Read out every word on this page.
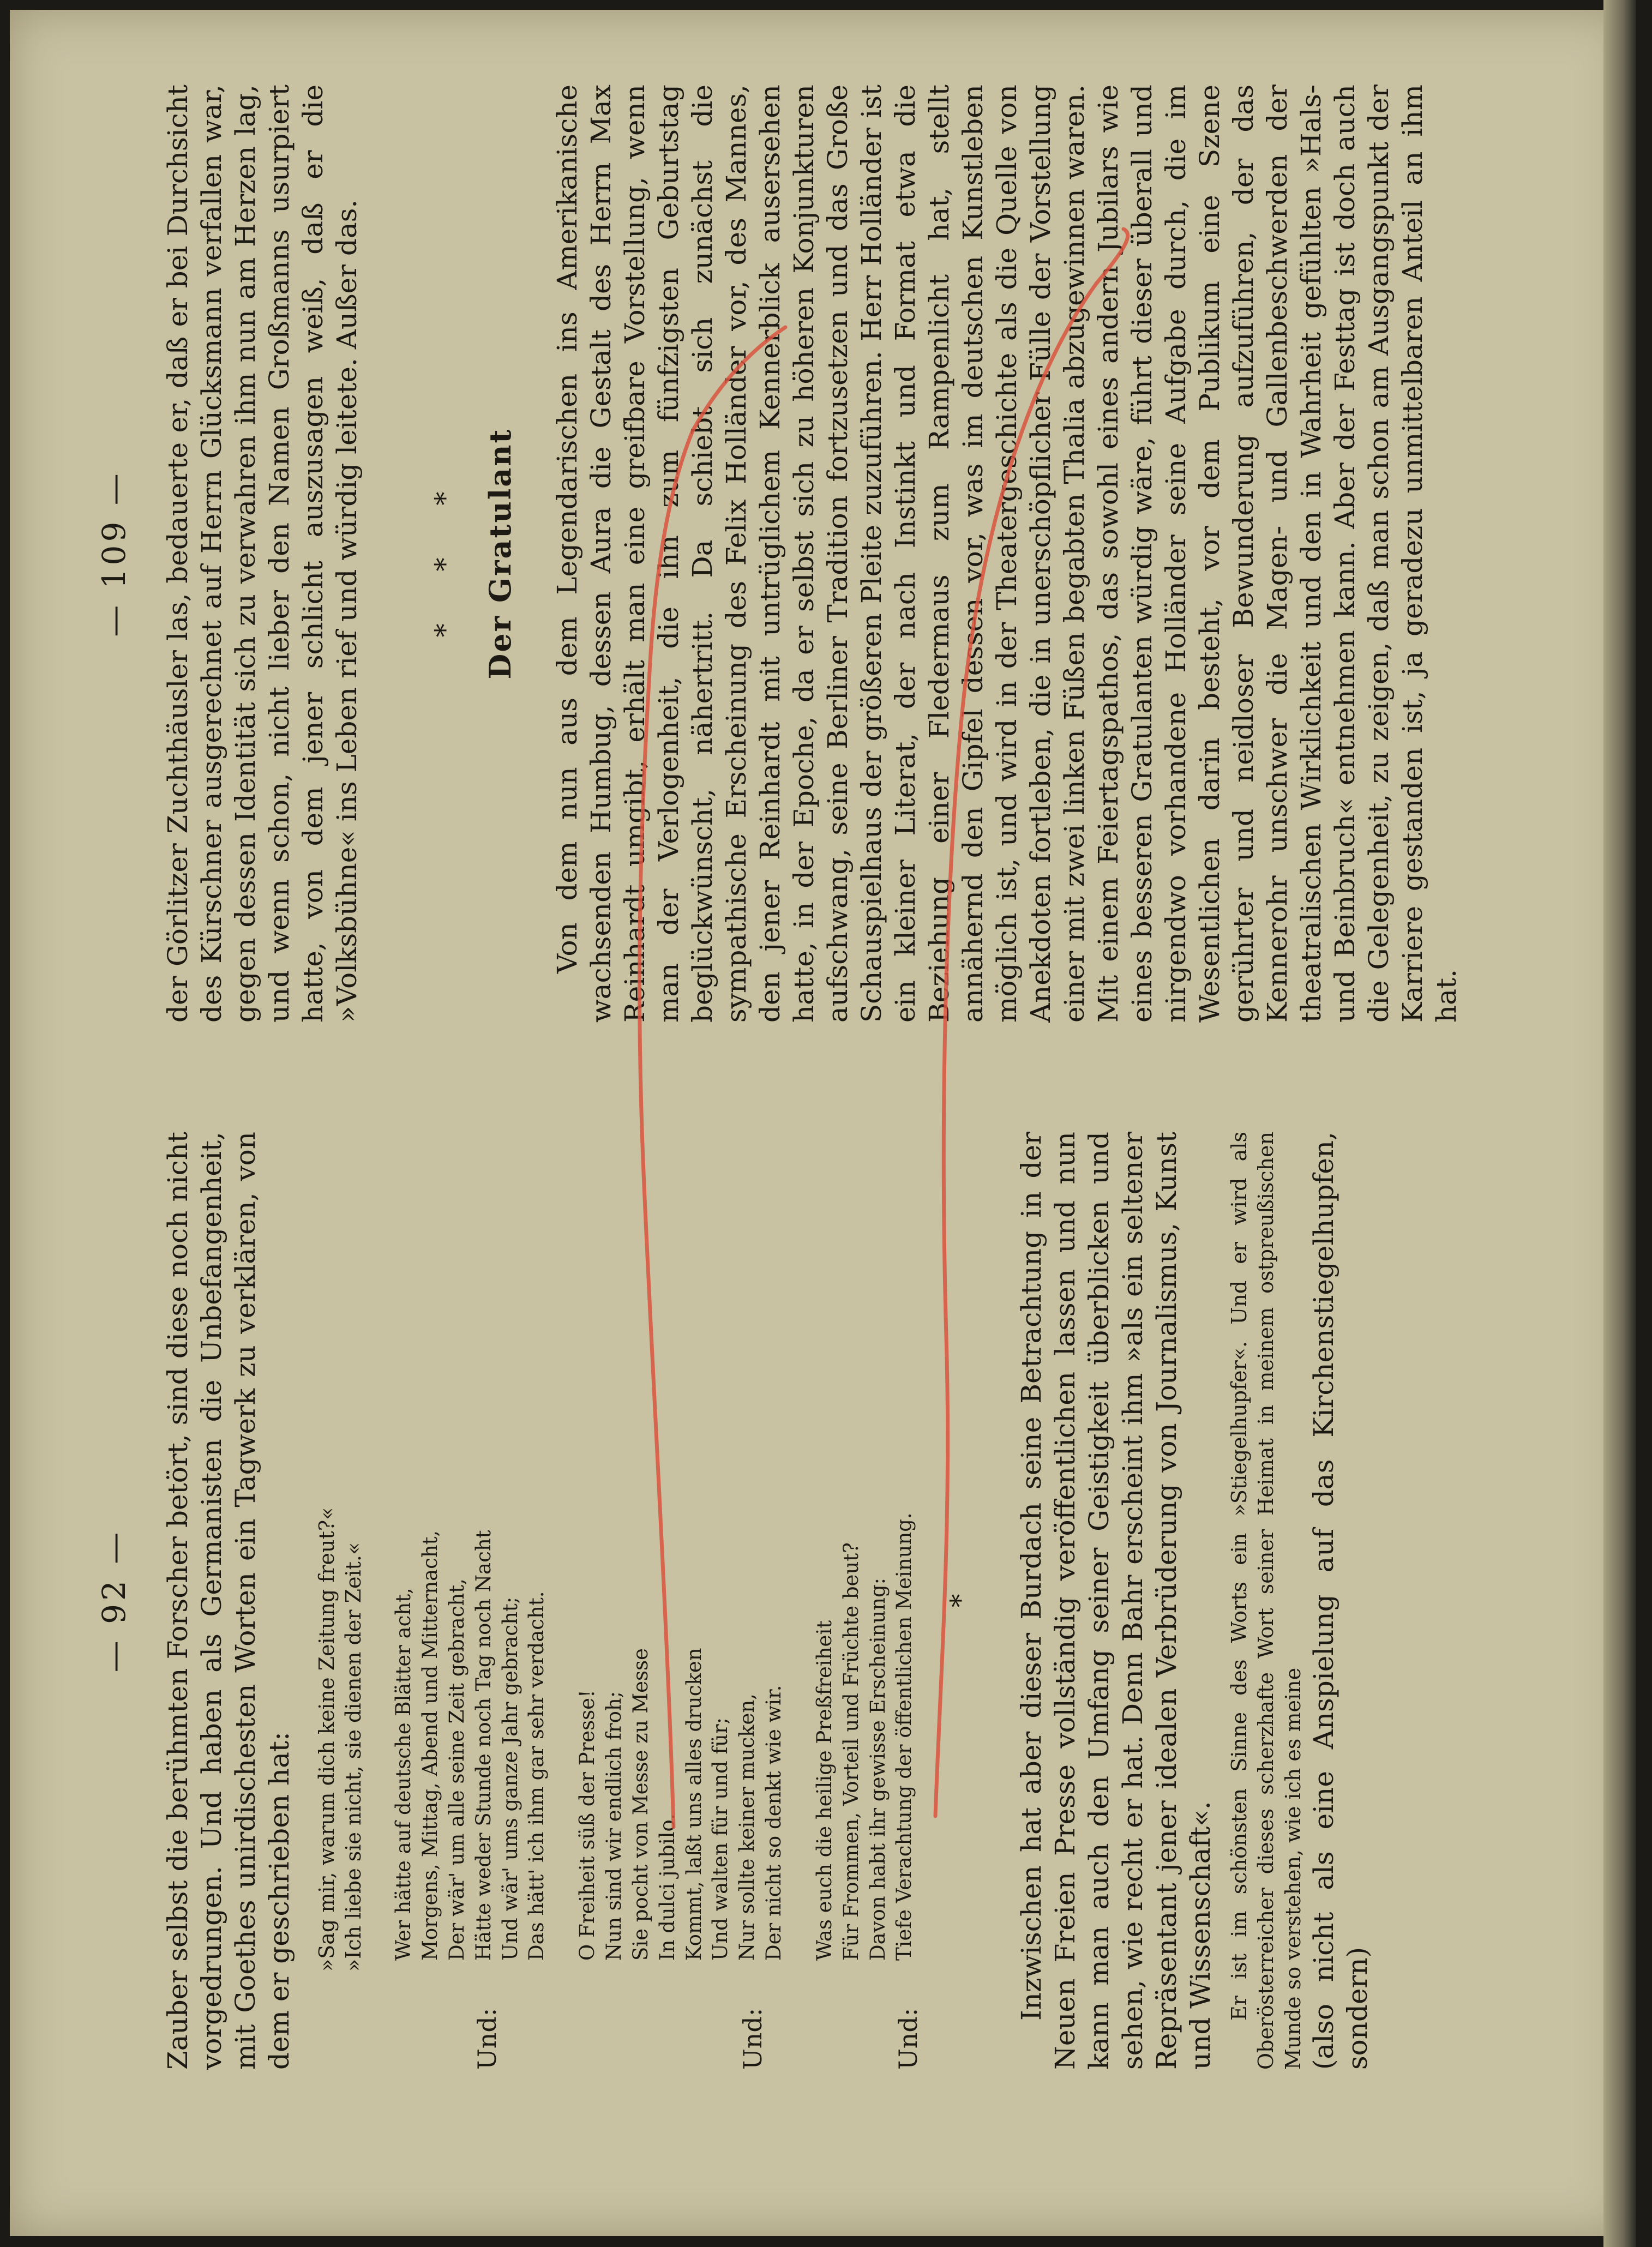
— 92 — Zauber selbst die berühmten Forscher betört, sind diese noch nicht vorgedrungen. Und haben als Germanisten die Unbefangenheit, mit Goethes unirdischesten Worten ein Tagwerk zu verklären, von dem er geschrieben hat: »Sag mir, warum dich keine Zeitung freut?« »Ich liebe sie nicht, sie dienen der Zeit.«
Und:
Wer hätte auf deutsche Blätter acht, Morgens, Mittag, Abend und Mitternacht, Der wär' um alle seine Zeit gebracht, Hätte weder Stunde noch Tag noch Nacht Und wär' ums ganze Jahr gebracht; Das hätt' ich ihm gar sehr verdacht.
Und:
O Freiheit süß der Presse! Nun sind wir endlich froh; Sie pocht von Messe zu Messe In dulci jubilo. Kommt, laßt uns alles drucken Und walten für und für; Nur sollte keiner mucken, Der nicht so denkt wie wir.
Und:
Was euch die heilige Preßfreiheit Für Frommen, Vorteil und Früchte beut? Davon habt ihr gewisse Erscheinung: Tiefe Verachtung der öffentlichen Meinung. * Inzwischen hat aber dieser Burdach seine Betrachtung in der Neuen Freien Presse vollständig veröffentlichen lassen und nun kann man auch den Umfang seiner Geistigkeit überblicken und sehen, wie recht er hat. Denn Bahr erscheint ihm »als ein seltener Repräsentant jener idealen Verbrüderung von Journalismus, Kunst und Wissenschaft«. Er ist im schönsten Sinne des Worts ein »Stiegelhupfer«. Und er wird als Oberösterreicher dieses scherzhafte Wort seiner Heimat in meinem ostpreußischen Munde so verstehen, wie ich es meine (also nicht als eine Anspielung auf das Kirchenstiegelhupfen, sondern)

— 109 — der Görlitzer Zuchthäusler las, bedauerte er, daß er bei Durchsicht des Kürschner ausgerechnet auf Herrn Glücksmann verfallen war, gegen dessen Identität sich zu verwahren ihm nun am Herzen lag, und wenn schon, nicht lieber den Namen Großmanns usurpiert hatte, von dem jener schlicht auszusagen weiß, daß er die »Volksbühne« ins Leben rief und würdig leitete. Außer das. * * * Der Gratulant Von dem nun aus dem Legendarischen ins Amerikanische wachsenden Humbug, dessen Aura die Gestalt des Herrn Max Reinhardt umgibt, erhält man eine greifbare Vorstellung, wenn man der Verlogenheit, die ihn zum fünfzigsten Geburtstag beglückwünscht, nähertritt. Da schiebt sich zunächst die sympathische Erscheinung des Felix Holländer vor, des Mannes, den jener Reinhardt mit untrüglichem Kennerblick ausersehen hatte, in der Epoche, da er selbst sich zu höheren Konjunkturen aufschwang, seine Berliner Tradition fortzusetzen und das Große Schauspielhaus der größeren Pleite zuzuführen. Herr Holländer ist ein kleiner Literat, der nach Instinkt und Format etwa die Beziehung einer Fledermaus zum Rampenlicht hat, stellt annähernd den Gipfel dessen vor, was im deutschen Kunstleben möglich ist, und wird in der Theatergeschichte als die Quelle von Anekdoten fortleben, die in unerschöpflicher Fülle der Vorstellung einer mit zwei linken Füßen begabten Thalia abzugewinnen waren. Mit einem Feiertagspathos, das sowohl eines andern Jubilars wie eines besseren Gratulanten würdig wäre, führt dieser überall und nirgendwo vorhandene Holländer seine Aufgabe durch, die im Wesentlichen darin besteht, vor dem Publikum eine Szene gerührter und neidloser Bewunderung aufzuführen, der das Kennerohr unschwer die Magen- und Gallenbeschwerden der theatralischen Wirklichkeit und den in Wahrheit gefühlten »Hals- und Beinbruch« entnehmen kann. Aber der Festtag ist doch auch die Gelegenheit, zu zeigen, daß man schon am Ausgangspunkt der Karriere gestanden ist, ja geradezu unmittelbaren Anteil an ihm hat.
